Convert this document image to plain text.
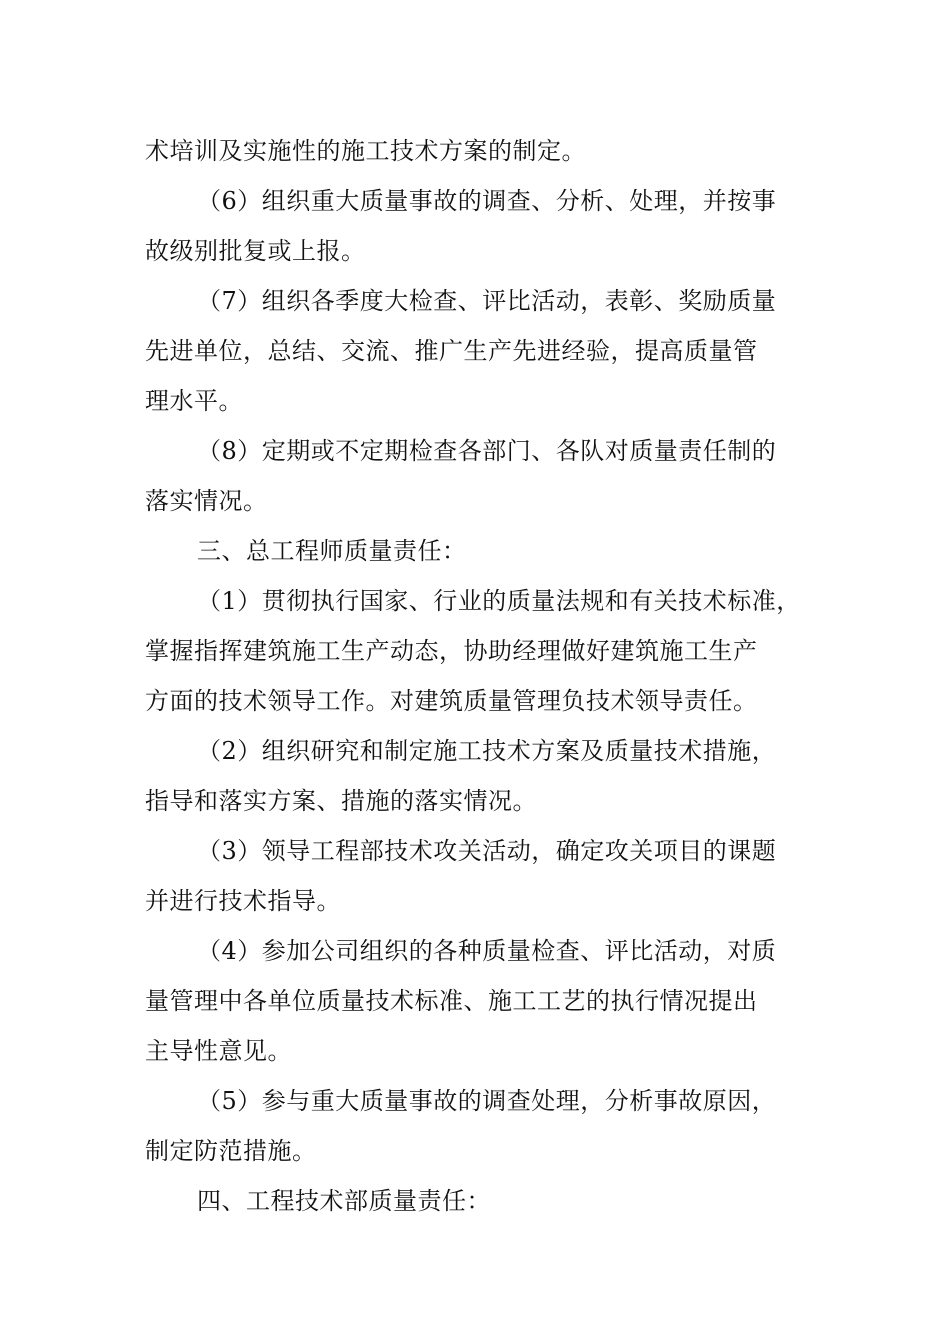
术培训及实施性的施工技术方案的制定。
（6）组织重大质量事故的调查、分析、处理，并按事
故级别批复或上报。
（7）组织各季度大检查、评比活动，表彰、奖励质量
先进单位，总结、交流、推广生产先进经验，提高质量管
理水平。
（8）定期或不定期检查各部门、各队对质量责任制的
落实情况。
三、总工程师质量责任：
（1）贯彻执行国家、行业的质量法规和有关技术标准，
掌握指挥建筑施工生产动态，协助经理做好建筑施工生产
方面的技术领导工作。对建筑质量管理负技术领导责任。
（2）组织研究和制定施工技术方案及质量技术措施，
指导和落实方案、措施的落实情况。
（3）领导工程部技术攻关活动，确定攻关项目的课题
并进行技术指导。
（4）参加公司组织的各种质量检查、评比活动，对质
量管理中各单位质量技术标准、施工工艺的执行情况提出
主导性意见。
（5）参与重大质量事故的调查处理，分析事故原因，
制定防范措施。
四、工程技术部质量责任：
